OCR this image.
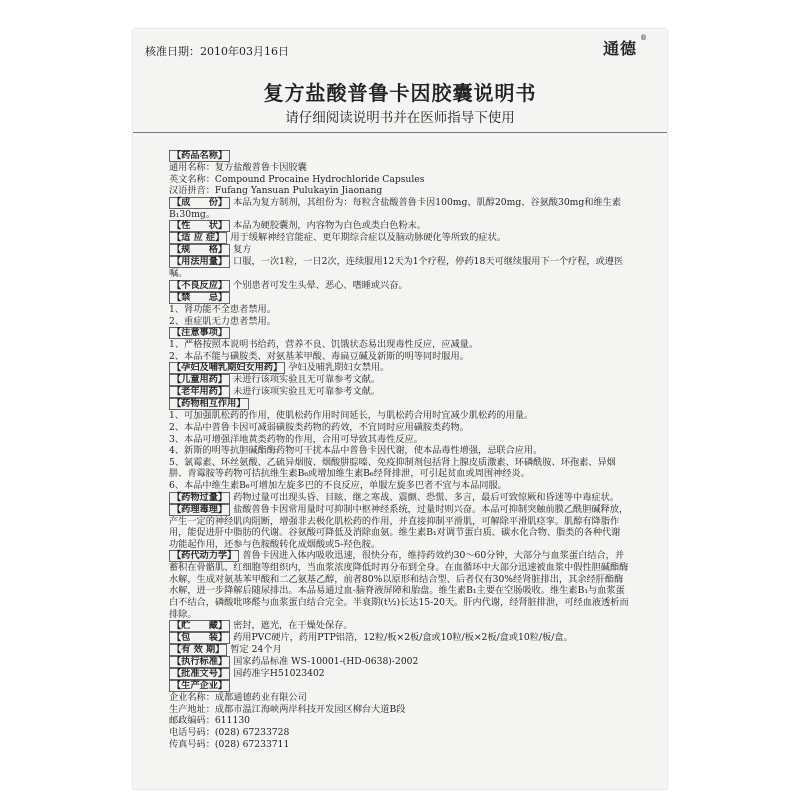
核准日期：2010年03月16日	通德
®
复方盐酸普鲁卡因胶囊说明书
请仔细阅读说明书并在医师指导下使用
【药品名称】
通用名称：复方盐酸普鲁卡因胶囊
英文名称：Compound Procaine Hydrochloride Capsules
汉语拼音：Fufang Yansuan Pulukayin Jiaonang
【成　　份】 本品为复方制剂，其组份为：每粒含盐酸普鲁卡因100mg、肌醇20mg、谷氨酸30mg和维生素B₁30mg。
【性　　状】 本品为硬胶囊剂，内容物为白色或类白色粉末。
【适 应 症】 用于缓解神经官能症、更年期综合症以及脑动脉硬化等所致的症状。
【规　　格】 复方
【用法用量】 口服，一次1粒，一日2次，连续服用12天为1个疗程，停药18天可继续服用下一个疗程，或遵医嘱。
【不良反应】 个别患者可发生头晕、恶心、嗜睡或兴奋。
【禁　　忌】
1、肾功能不全患者禁用。
2、重症肌无力患者禁用。
【注意事项】
1、严格按照本说明书给药，营养不良、饥饿状态易出现毒性反应，应减量。
2、本品不能与磺胺类、对氨基苯甲酸、毒扁豆碱及新斯的明等同时服用。
【孕妇及哺乳期妇女用药】 孕妇及哺乳期妇女禁用。
【儿童用药】 未进行该项实验且无可靠参考文献。
【老年用药】 未进行该项实验且无可靠参考文献。
【药物相互作用】
1、可加强肌松药的作用，使肌松药作用时间延长，与肌松药合用时宜减少肌松药的用量。
2、本品中普鲁卡因可减弱磺胺类药物的药效，不宜同时应用磺胺类药物。
3、本品可增强洋地黄类药物的作用，合用可导致其毒性反应。
4、新斯的明等抗胆碱酯酶药物可干扰本品中普鲁卡因代谢，使本品毒性增强，忌联合应用。
5、氯霉素、环丝氨酸、乙硫异烟胺、烟酸肼腙嗪、免疫抑制剂包括肾上腺皮质激素、环磷酰胺、环孢素、异烟肼、青霉胺等药物可拮抗维生素B₆或增加维生素B₆经肾排泄，可引起贫血或周围神经炎。
6、本品中维生素B₆可增加左旋多巴的不良反应，单服左旋多巴者不宜与本品同服。
【药物过量】 药物过量可出现头昏、目眩、继之寒战、震颤、恐慌、多言，最后可致惊厥和昏迷等中毒症状。
【药理毒理】 盐酸普鲁卡因常用量时可抑制中枢神经系统，过量时则兴奋。本品可抑制突触前膜乙酰胆碱释放，产生一定的神经肌肉阻断，增强非去极化肌松药的作用，并直接抑制平滑肌，可解除平滑肌痉挛。肌醇有降脂作用，能促进肝中脂肪的代谢。谷氨酸可降低及消除血氨。维生素B₁对调节蛋白质、碳水化合物、脂类的各种代谢功能起作用，还参与色胺酸转化成烟酸或5-羟色胺。
【药代动力学】 普鲁卡因进入体内吸收迅速，很快分布，维持药效约30～60分钟，大部分与血浆蛋白结合，并蓄积在骨骼肌、红细胞等组织内，当血浆浓度降低时再分布到全身。在血循环中大部分迅速被血浆中假性胆碱酯酶水解，生成对氨基苯甲酸和二乙氨基乙醇，前者80%以原形和结合型、后者仅有30%经肾脏排出，其余经肝酯酶水解，进一步降解后随尿排出。本品易通过血-脑脊液屏障和胎盘。维生素B₁主要在空肠吸收。维生素B₁与血浆蛋白不结合，磷酸吡哆醛与血浆蛋白结合完全。半衰期(t½)长达15-20天。肝内代谢，经肾脏排泄，可经血液透析而排除。
【贮　　藏】 密封，遮光，在干燥处保存。
【包　　装】 药用PVC硬片，药用PTP铝箔，12粒/板×2板/盒或10粒/板×2板/盒或10粒/板/盒。
【有 效 期】 暂定 24个月
【执行标准】 国家药品标准 WS-10001-(HD-0638)-2002
【批准文号】 国药准字H51023402
【生产企业】
企业名称：成都通德药业有限公司
生产地址：成都市温江海峡两岸科技开发园区柳台大道B段
邮政编码：611130
电话号码：(028) 67233728
传真号码：(028) 67233711
